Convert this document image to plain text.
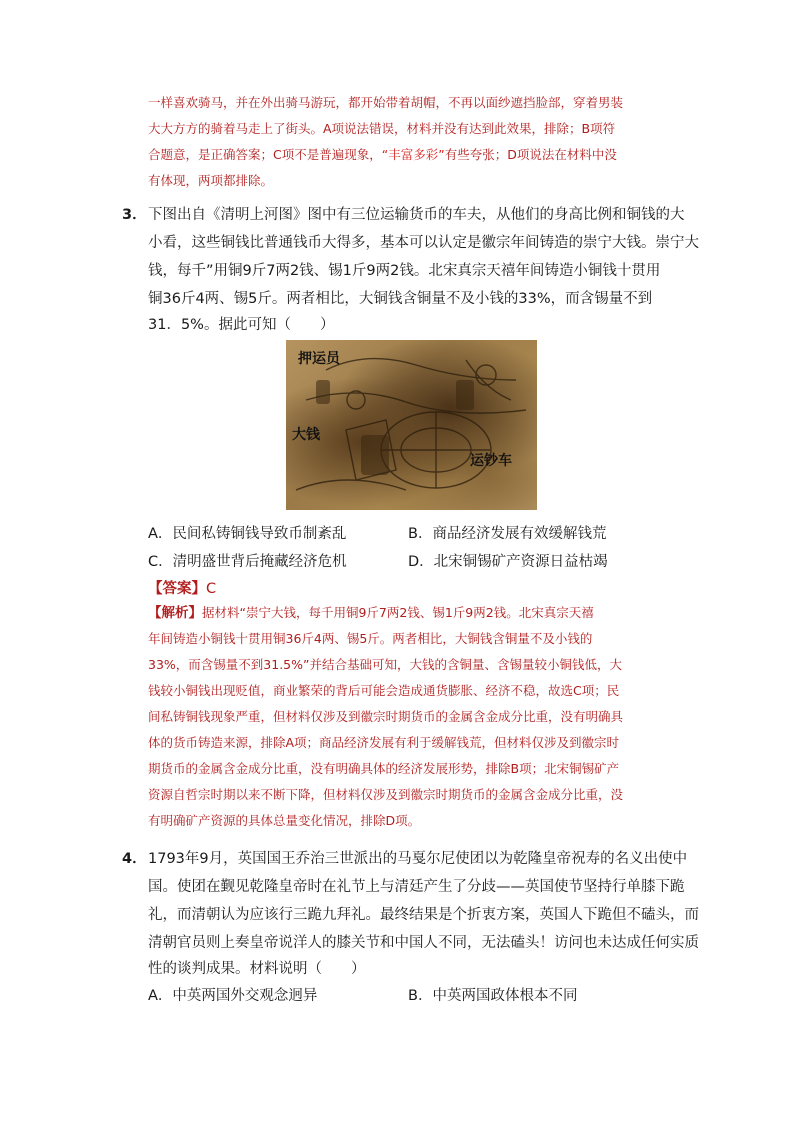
一样喜欢骑马，并在外出骑马游玩，都开始带着胡帽，不再以面纱遮挡脸部，穿着男装
大大方方的骑着马走上了街头。A项说法错误，材料并没有达到此效果，排除；B项符
合题意，是正确答案；C项不是普遍现象，“丰富多彩”有些夸张；D项说法在材料中没
有体现，两项都排除。
3． 下图出自《清明上河图》图中有三位运输货币的车夫，从他们的身高比例和铜钱的大
小看，这些铜钱比普通钱币大得多，基本可以认定是徽宗年间铸造的崇宁大钱。崇宁大
钱，每千”用铜9斤7两2钱、锡1斤9两2钱。北宋真宗天禧年间铸造小铜钱十贯用
铜36斤4两、锡5斤。两者相比，大铜钱含铜量不及小钱的33%，而含锡量不到
31．5%。据此可知（　　）
押运员
大钱
运钞车
A．民间私铸铜钱导致币制紊乱	B．商品经济发展有效缓解钱荒
C．清明盛世背后掩藏经济危机	D．北宋铜锡矿产资源日益枯竭
【答案】C
【解析】据材料“崇宁大钱，每千用铜9斤7两2钱、锡1斤9两2钱。北宋真宗天禧
年间铸造小铜钱十贯用铜36斤4两、锡5斤。两者相比，大铜钱含铜量不及小钱的
33%，而含锡量不到31.5%”并结合基础可知，大钱的含铜量、含锡量较小铜钱低，大
钱较小铜钱出现贬值，商业繁荣的背后可能会造成通货膨胀、经济不稳，故选C项；民
间私铸铜钱现象严重，但材料仅涉及到徽宗时期货币的金属含金成分比重，没有明确具
体的货币铸造来源，排除A项；商品经济发展有利于缓解钱荒，但材料仅涉及到徽宗时
期货币的金属含金成分比重，没有明确具体的经济发展形势，排除B项；北宋铜锡矿产
资源自哲宗时期以来不断下降，但材料仅涉及到徽宗时期货币的金属含金成分比重，没
有明确矿产资源的具体总量变化情况，排除D项。
4． 1793年9月，英国国王乔治三世派出的马戛尔尼使团以为乾隆皇帝祝寿的名义出使中
国。使团在觐见乾隆皇帝时在礼节上与清廷产生了分歧——英国使节坚持行单膝下跪
礼，而清朝认为应该行三跪九拜礼。最终结果是个折衷方案，英国人下跪但不磕头，而
清朝官员则上奏皇帝说洋人的膝关节和中国人不同，无法磕头！访问也未达成任何实质
性的谈判成果。材料说明（　　）
A．中英两国外交观念迥异	B．中英两国政体根本不同
